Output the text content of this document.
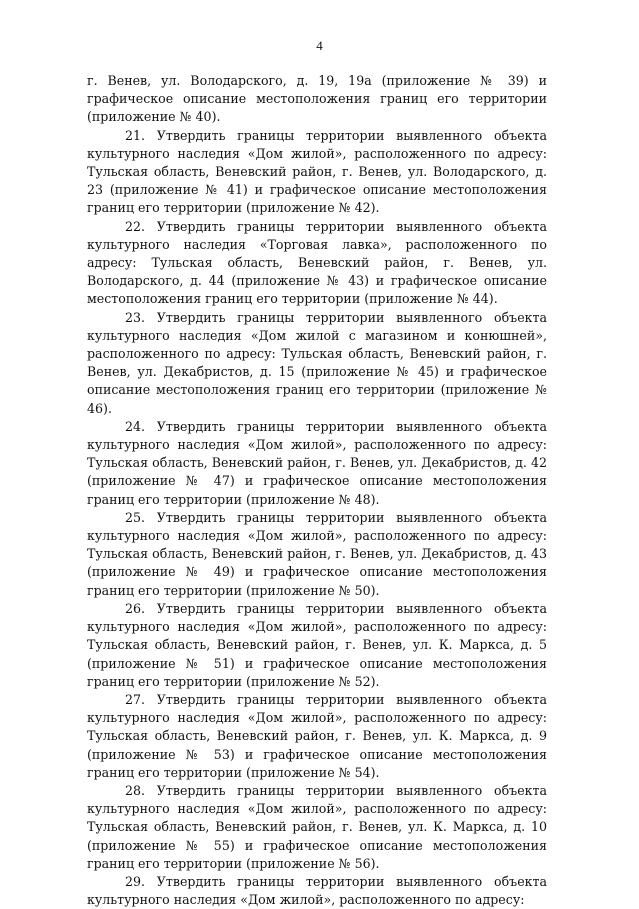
4

г. Венев, ул. Володарского, д. 19, 19а (приложение № 39) и графическое описание местоположения границ его территории (приложение № 40).

21. Утвердить границы территории выявленного объекта культурного наследия «Дом жилой», расположенного по адресу: Тульская область, Веневский район, г. Венев, ул. Володарского, д. 23 (приложение № 41) и графическое описание местоположения границ его территории (приложение № 42).

22. Утвердить границы территории выявленного объекта культурного наследия «Торговая лавка», расположенного по адресу: Тульская область, Веневский район, г. Венев, ул. Володарского, д. 44 (приложение № 43) и графическое описание местоположения границ его территории (приложение № 44).

23. Утвердить границы территории выявленного объекта культурного наследия «Дом жилой с магазином и конюшней», расположенного по адресу: Тульская область, Веневский район, г. Венев, ул. Декабристов, д. 15 (приложение № 45) и графическое описание местоположения границ его территории (приложение № 46).

24. Утвердить границы территории выявленного объекта культурного наследия «Дом жилой», расположенного по адресу: Тульская область, Веневский район, г. Венев, ул. Декабристов, д. 42 (приложение № 47) и графическое описание местоположения границ его территории (приложение № 48).

25. Утвердить границы территории выявленного объекта культурного наследия «Дом жилой», расположенного по адресу: Тульская область, Веневский район, г. Венев, ул. Декабристов, д. 43 (приложение № 49) и графическое описание местоположения границ его территории (приложение № 50).

26. Утвердить границы территории выявленного объекта культурного наследия «Дом жилой», расположенного по адресу: Тульская область, Веневский район, г. Венев, ул. К. Маркса, д. 5 (приложение № 51) и графическое описание местоположения границ его территории (приложение № 52).

27. Утвердить границы территории выявленного объекта культурного наследия «Дом жилой», расположенного по адресу: Тульская область, Веневский район, г. Венев, ул. К. Маркса, д. 9 (приложение № 53) и графическое описание местоположения границ его территории (приложение № 54).

28. Утвердить границы территории выявленного объекта культурного наследия «Дом жилой», расположенного по адресу: Тульская область, Веневский район, г. Венев, ул. К. Маркса, д. 10 (приложение № 55) и графическое описание местоположения границ его территории (приложение № 56).

29. Утвердить границы территории выявленного объекта культурного наследия «Дом жилой», расположенного по адресу:
